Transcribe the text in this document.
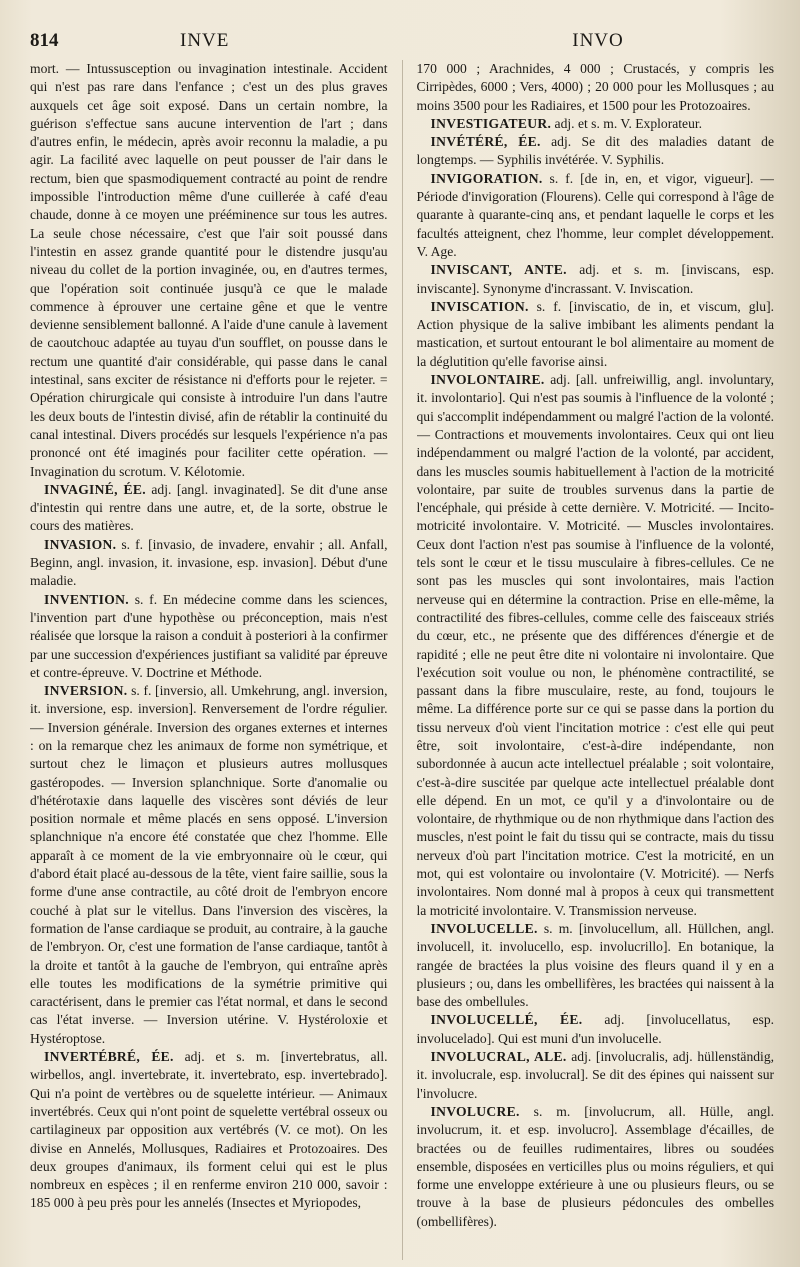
814	INVE	INVO

mort. — Intussusception ou invagination intestinale. Accident qui n'est pas rare dans l'enfance ; c'est un des plus graves auxquels cet âge soit exposé. Dans un certain nombre, la guérison s'effectue sans aucune intervention de l'art ; dans d'autres enfin, le médecin, après avoir reconnu la maladie, a pu agir. La facilité avec laquelle on peut pousser de l'air dans le rectum, bien que spasmodiquement contracté au point de rendre impossible l'introduction même d'une cuillerée à café d'eau chaude, donne à ce moyen une prééminence sur tous les autres. La seule chose nécessaire, c'est que l'air soit poussé dans l'intestin en assez grande quantité pour le distendre jusqu'au niveau du collet de la portion invaginée, ou, en d'autres termes, que l'opération soit continuée jusqu'à ce que le malade commence à éprouver une certaine gêne et que le ventre devienne sensiblement ballonné. A l'aide d'une canule à lavement de caoutchouc adaptée au tuyau d'un soufflet, on pousse dans le rectum une quantité d'air considérable, qui passe dans le canal intestinal, sans exciter de résistance ni d'efforts pour le rejeter. = Opération chirurgicale qui consiste à introduire l'un dans l'autre les deux bouts de l'intestin divisé, afin de rétablir la continuité du canal intestinal. Divers procédés sur lesquels l'expérience n'a pas prononcé ont été imaginés pour faciliter cette opération. — Invagination du scrotum. V. Kélotomie.

INVAGINÉ, ÉE. adj. [angl. invaginated]. Se dit d'une anse d'intestin qui rentre dans une autre, et, de la sorte, obstrue le cours des matières.

INVASION. s. f. [invasio, de invadere, envahir ; all. Anfall, Beginn, angl. invasion, it. invasione, esp. invasion]. Début d'une maladie.

INVENTION. s. f. En médecine comme dans les sciences, l'invention part d'une hypothèse ou préconception, mais n'est réalisée que lorsque la raison a conduit à posteriori à la confirmer par une succession d'expériences justifiant sa validité par épreuve et contre-épreuve. V. Doctrine et Méthode.

INVERSION. s. f. [inversio, all. Umkehrung, angl. inversion, it. inversione, esp. inversion]. Renversement de l'ordre régulier. — Inversion générale. Inversion des organes externes et internes : on la remarque chez les animaux de forme non symétrique, et surtout chez le limaçon et plusieurs autres mollusques gastéropodes. — Inversion splanchnique. Sorte d'anomalie ou d'hétérotaxie dans laquelle des viscères sont déviés de leur position normale et même placés en sens opposé. L'inversion splanchnique n'a encore été constatée que chez l'homme. Elle apparaît à ce moment de la vie embryonnaire où le cœur, qui d'abord était placé au-dessous de la tête, vient faire saillie, sous la forme d'une anse contractile, au côté droit de l'embryon encore couché à plat sur le vitellus. Dans l'inversion des viscères, la formation de l'anse cardiaque se produit, au contraire, à la gauche de l'embryon. Or, c'est une formation de l'anse cardiaque, tantôt à la droite et tantôt à la gauche de l'embryon, qui entraîne après elle toutes les modifications de la symétrie primitive qui caractérisent, dans le premier cas l'état normal, et dans le second cas l'état inverse. — Inversion utérine. V. Hystéroloxie et Hystéroptose.

INVERTÉBRÉ, ÉE. adj. et s. m. [invertebratus, all. wirbellos, angl. invertebrate, it. invertebrato, esp. invertebrado]. Qui n'a point de vertèbres ou de squelette intérieur. — Animaux invertébrés. Ceux qui n'ont point de squelette vertébral osseux ou cartilagineux par opposition aux vertébrés (V. ce mot). On les divise en Annelés, Mollusques, Radiaires et Protozoaires. Des deux groupes d'animaux, ils forment celui qui est le plus nombreux en espèces ; il en renferme environ 210 000, savoir : 185 000 à peu près pour les annelés (Insectes et Myriopodes,

170 000 ; Arachnides, 4 000 ; Crustacés, y compris les Cirripèdes, 6000 ; Vers, 4000) ; 20 000 pour les Mollusques ; au moins 3500 pour les Radiaires, et 1500 pour les Protozoaires.

INVESTIGATEUR. adj. et s. m. V. Explorateur.

INVÉTÉRÉ, ÉE. adj. Se dit des maladies datant de longtemps. — Syphilis invétérée. V. Syphilis.

INVIGORATION. s. f. [de in, en, et vigor, vigueur]. — Période d'invigoration (Flourens). Celle qui correspond à l'âge de quarante à quarante-cinq ans, et pendant laquelle le corps et les facultés atteignent, chez l'homme, leur complet développement. V. Age.

INVISCANT, ANTE. adj. et s. m. [inviscans, esp. inviscante]. Synonyme d'incrassant. V. Inviscation.

INVISCATION. s. f. [inviscatio, de in, et viscum, glu]. Action physique de la salive imbibant les aliments pendant la mastication, et surtout entourant le bol alimentaire au moment de la déglutition qu'elle favorise ainsi.

INVOLONTAIRE. adj. [all. unfreiwillig, angl. involuntary, it. involontario]. Qui n'est pas soumis à l'influence de la volonté ; qui s'accomplit indépendamment ou malgré l'action de la volonté. — Contractions et mouvements involontaires. Ceux qui ont lieu indépendamment ou malgré l'action de la volonté, par accident, dans les muscles soumis habituellement à l'action de la motricité volontaire, par suite de troubles survenus dans la partie de l'encéphale, qui préside à cette dernière. V. Motricité. — Incito-motricité involontaire. V. Motricité. — Muscles involontaires. Ceux dont l'action n'est pas soumise à l'influence de la volonté, tels sont le cœur et le tissu musculaire à fibres-cellules. Ce ne sont pas les muscles qui sont involontaires, mais l'action nerveuse qui en détermine la contraction. Prise en elle-même, la contractilité des fibres-cellules, comme celle des faisceaux striés du cœur, etc., ne présente que des différences d'énergie et de rapidité ; elle ne peut être dite ni volontaire ni involontaire. Que l'exécution soit voulue ou non, le phénomène contractilité, se passant dans la fibre musculaire, reste, au fond, toujours le même. La différence porte sur ce qui se passe dans la portion du tissu nerveux d'où vient l'incitation motrice : c'est elle qui peut être, soit involontaire, c'est-à-dire indépendante, non subordonnée à aucun acte intellectuel préalable ; soit volontaire, c'est-à-dire suscitée par quelque acte intellectuel préalable dont elle dépend. En un mot, ce qu'il y a d'involontaire ou de volontaire, de rhythmique ou de non rhythmique dans l'action des muscles, n'est point le fait du tissu qui se contracte, mais du tissu nerveux d'où part l'incitation motrice. C'est la motricité, en un mot, qui est volontaire ou involontaire (V. Motricité). — Nerfs involontaires. Nom donné mal à propos à ceux qui transmettent la motricité involontaire. V. Transmission nerveuse.

INVOLUCELLE. s. m. [involucellum, all. Hüllchen, angl. involucell, it. involucello, esp. involucrillo]. En botanique, la rangée de bractées la plus voisine des fleurs quand il y en a plusieurs ; ou, dans les ombellifères, les bractées qui naissent à la base des ombellules.

INVOLUCELLÉ, ÉE. adj. [involucellatus, esp. involucelado]. Qui est muni d'un involucelle.

INVOLUCRAL, ALE. adj. [involucralis, adj. hüllenständig, it. involucrale, esp. involucral]. Se dit des épines qui naissent sur l'involucre.

INVOLUCRE. s. m. [involucrum, all. Hülle, angl. involucrum, it. et esp. involucro]. Assemblage d'écailles, de bractées ou de feuilles rudimentaires, libres ou soudées ensemble, disposées en verticilles plus ou moins réguliers, et qui forme une enveloppe extérieure à une ou plusieurs fleurs, ou se trouve à la base de plusieurs pédoncules des ombelles (ombellifères).
